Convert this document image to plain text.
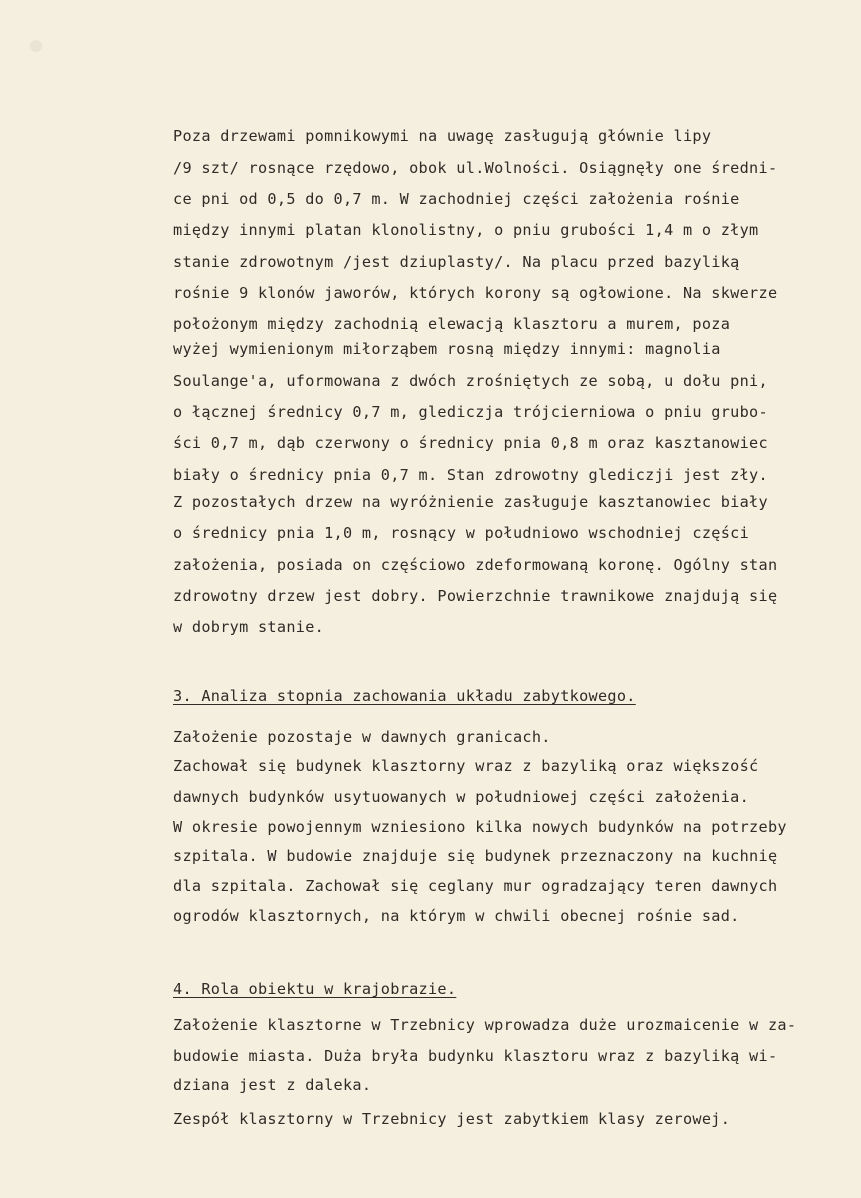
Poza drzewami pomnikowymi na uwagę zasługują głównie lipy
/9 szt/ rosnące rzędowo, obok ul.Wolności. Osiągnęły one średni-
ce pni od 0,5 do 0,7 m. W zachodniej części założenia rośnie
między innymi platan klonolistny, o pniu grubości 1,4 m o złym
stanie zdrowotnym /jest dziuplasty/. Na placu przed bazyliką
rośnie 9 klonów jaworów, których korony są ogłowione. Na skwerze
położonym między zachodnią elewacją klasztoru a murem, poza
wyżej wymienionym miłorząbem rosną między innymi: magnolia
Soulange'a, uformowana z dwóch zrośniętych ze sobą, u dołu pni,
o łącznej średnicy 0,7 m, glediczja trójcierniowa o pniu grubo-
ści 0,7 m, dąb czerwony o średnicy pnia 0,8 m oraz kasztanowiec
biały o średnicy pnia 0,7 m. Stan zdrowotny glediczji jest zły.
Z pozostałych drzew na wyróżnienie zasługuje kasztanowiec biały
o średnicy pnia 1,0 m, rosnący w południowo wschodniej części
założenia, posiada on częściowo zdeformowaną koronę. Ogólny stan
zdrowotny drzew jest dobry. Powierzchnie trawnikowe znajdują się
w dobrym stanie.
3. Analiza stopnia zachowania układu zabytkowego.
Założenie pozostaje w dawnych granicach.
Zachował się budynek klasztorny wraz z bazyliką oraz większość
dawnych budynków usytuowanych w południowej części założenia.
W okresie powojennym wzniesiono kilka nowych budynków na potrzeby
szpitala. W budowie znajduje się budynek przeznaczony na kuchnię
dla szpitala. Zachował się ceglany mur ogradzający teren dawnych
ogrodów klasztornych, na którym w chwili obecnej rośnie sad.
4. Rola obiektu w krajobrazie.
Założenie klasztorne w Trzebnicy wprowadza duże urozmaicenie w za-
budowie miasta. Duża bryła budynku klasztoru wraz z bazyliką wi-
dziana jest z daleka.
Zespół klasztorny w Trzebnicy jest zabytkiem klasy zerowej.
